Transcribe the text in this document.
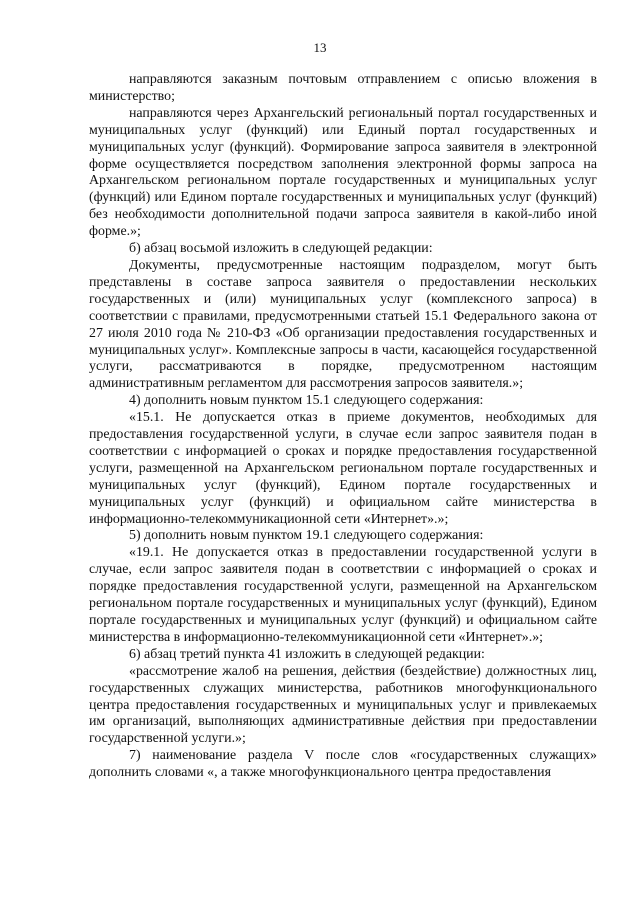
13

направляются заказным почтовым отправлением с описью вложения в министерство;

направляются через Архангельский региональный портал государственных и муниципальных услуг (функций) или Единый портал государственных и муниципальных услуг (функций). Формирование запроса заявителя в электронной форме осуществляется посредством заполнения электронной формы запроса на Архангельском региональном портале государственных и муниципальных услуг (функций) или Едином портале государственных и муниципальных услуг (функций) без необходимости дополнительной подачи запроса заявителя в какой-либо иной форме.»;

б) абзац восьмой изложить в следующей редакции:

Документы, предусмотренные настоящим подразделом, могут быть представлены в составе запроса заявителя о предоставлении нескольких государственных и (или) муниципальных услуг (комплексного запроса) в соответствии с правилами, предусмотренными статьей 15.1 Федерального закона от 27 июля 2010 года № 210-ФЗ «Об организации предоставления государственных и муниципальных услуг». Комплексные запросы в части, касающейся государственной услуги, рассматриваются в порядке, предусмотренном настоящим административным регламентом для рассмотрения запросов заявителя.»;

4) дополнить новым пунктом 15.1 следующего содержания:

«15.1. Не допускается отказ в приеме документов, необходимых для предоставления государственной услуги, в случае если запрос заявителя подан в соответствии с информацией о сроках и порядке предоставления государственной услуги, размещенной на Архангельском региональном портале государственных и муниципальных услуг (функций), Едином портале государственных и муниципальных услуг (функций) и официальном сайте министерства в информационно-телекоммуникационной сети «Интернет».»;

5) дополнить новым пунктом 19.1 следующего содержания:

«19.1. Не допускается отказ в предоставлении государственной услуги в случае, если запрос заявителя подан в соответствии с информацией о сроках и порядке предоставления государственной услуги, размещенной на Архангельском региональном портале государственных и муниципальных услуг (функций), Едином портале государственных и муниципальных услуг (функций) и официальном сайте министерства в информационно-телекоммуникационной сети «Интернет».»;

6) абзац третий пункта 41 изложить в следующей редакции:

«рассмотрение жалоб на решения, действия (бездействие) должностных лиц, государственных служащих министерства, работников многофункционального центра предоставления государственных и муниципальных услуг и привлекаемых им организаций, выполняющих административные действия при предоставлении государственной услуги.»;

7) наименование раздела V после слов «государственных служащих» дополнить словами «, а также многофункционального центра предоставления
